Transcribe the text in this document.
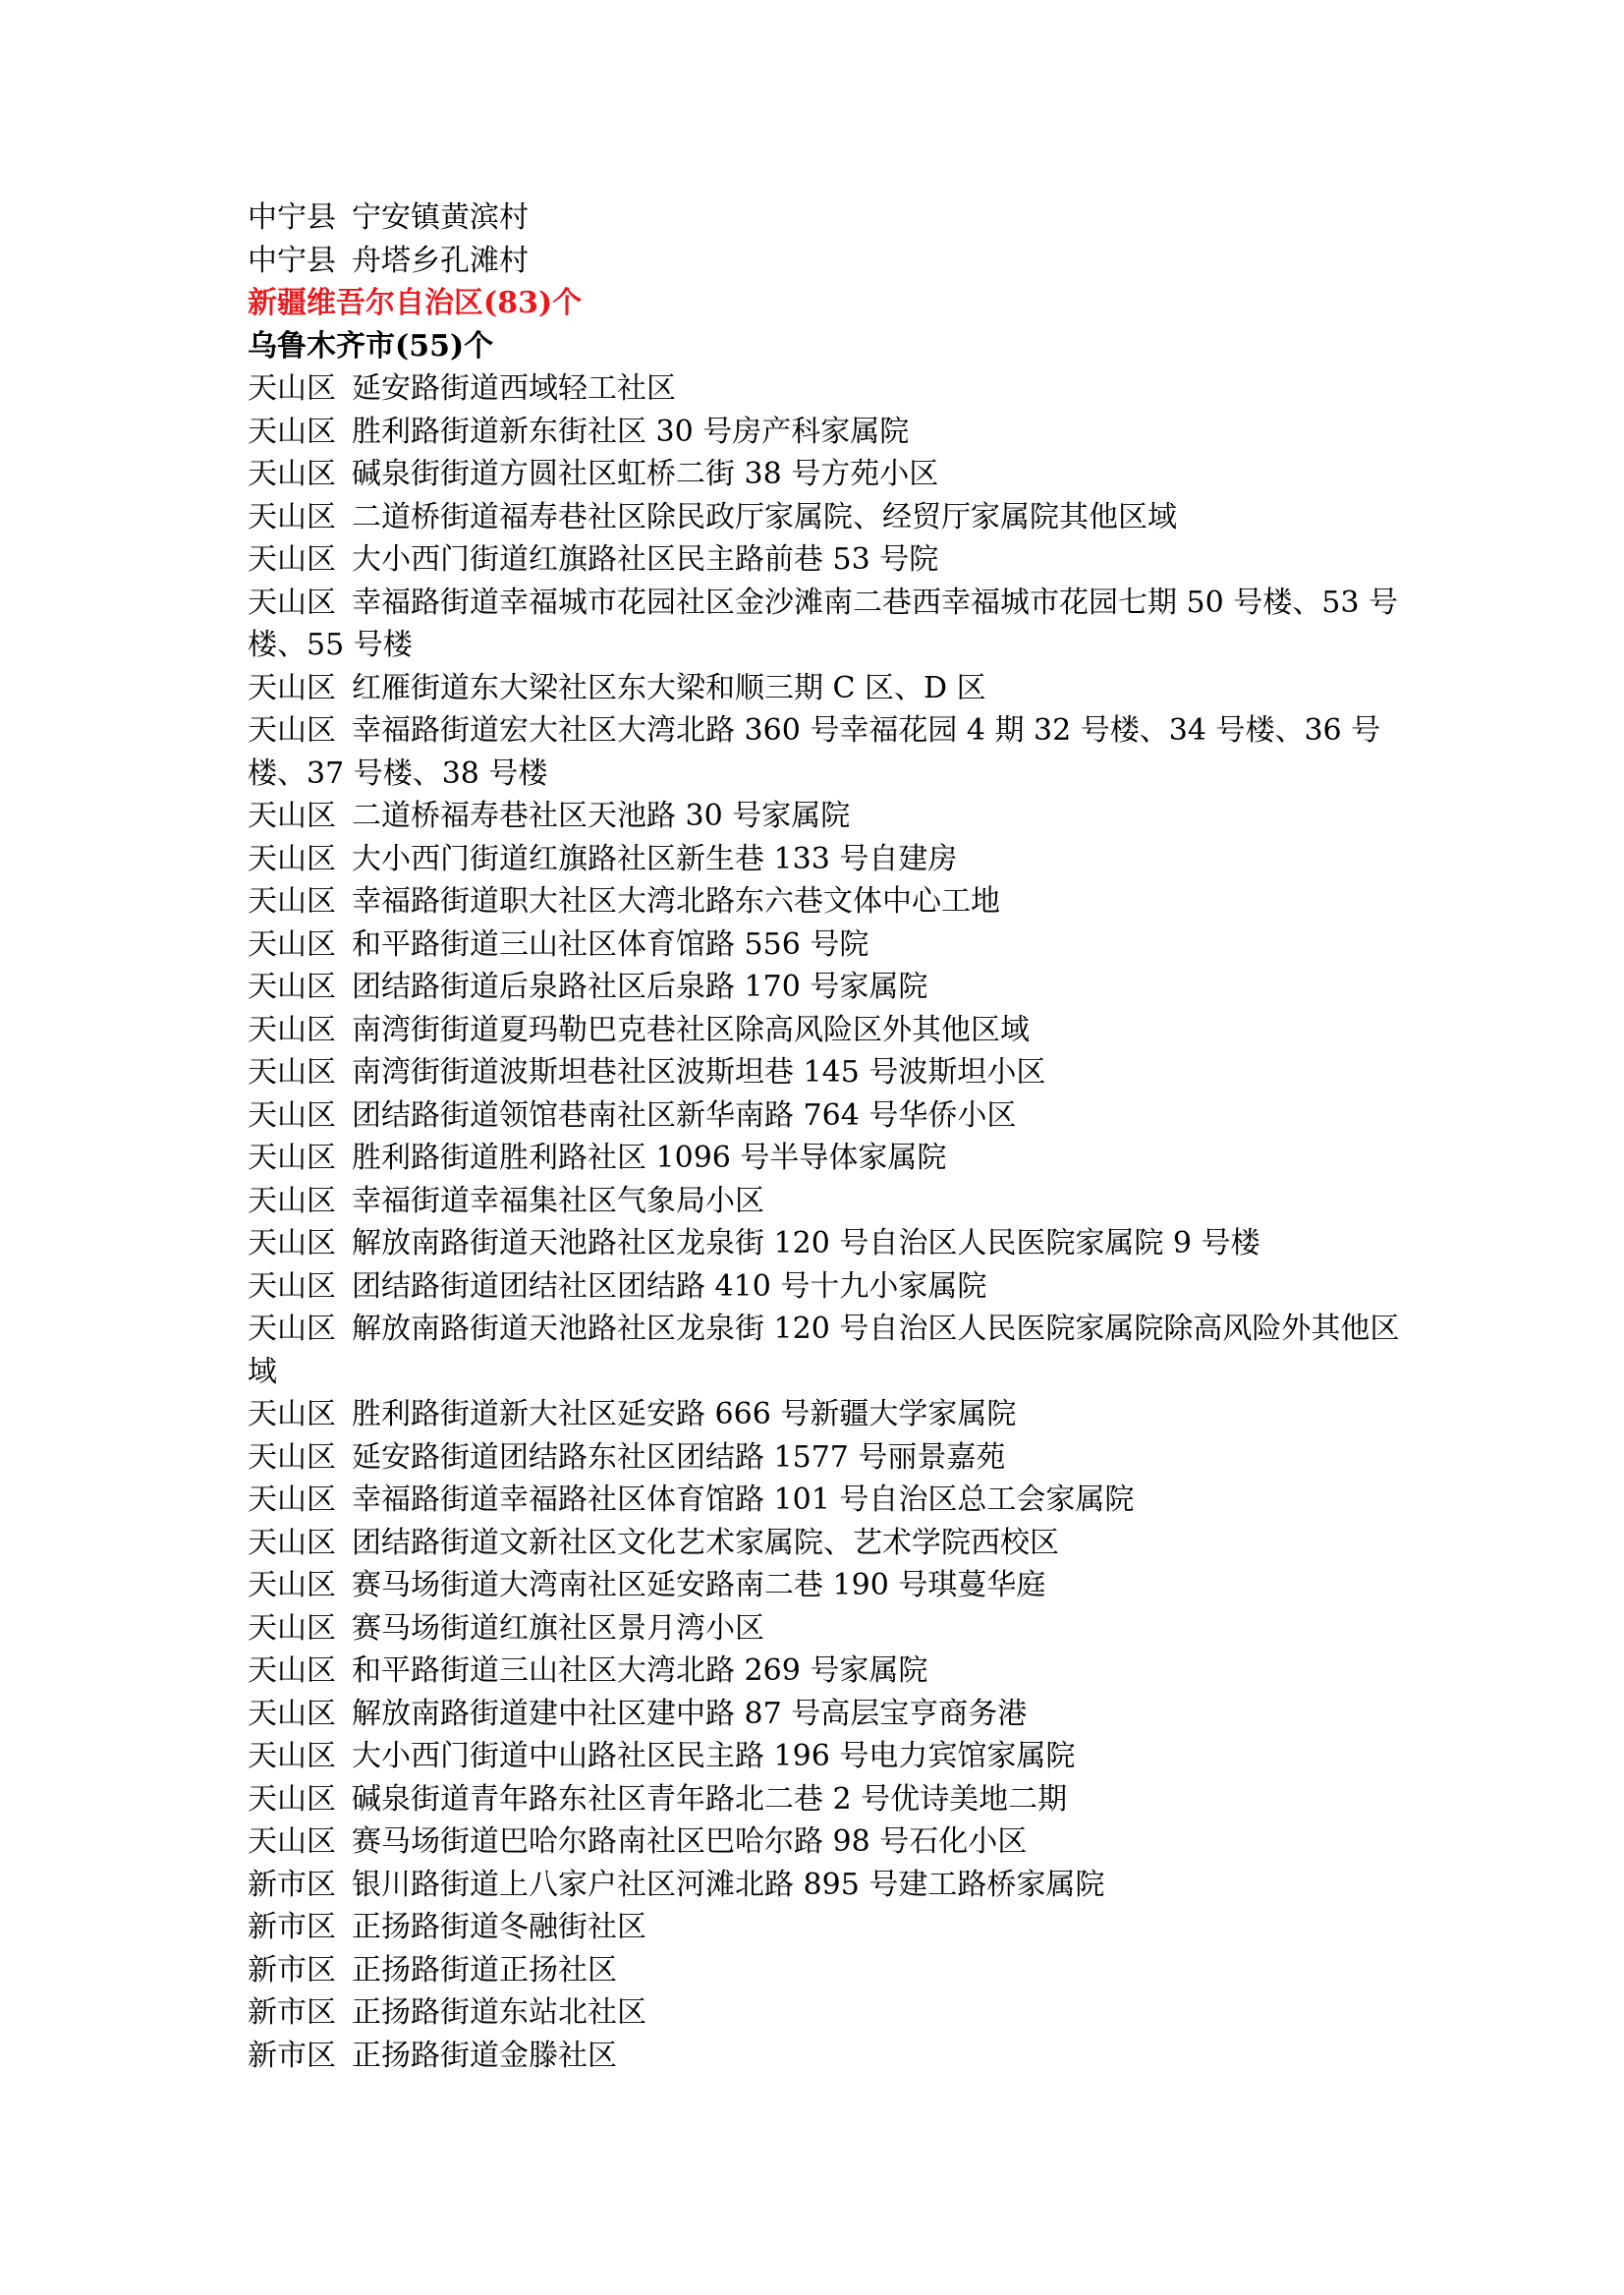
中宁县 宁安镇黄滨村
中宁县 舟塔乡孔滩村
新疆维吾尔自治区(83)个
乌鲁木齐市(55)个
天山区 延安路街道西域轻工社区
天山区 胜利路街道新东街社区 30 号房产科家属院
天山区 碱泉街街道方圆社区虹桥二街 38 号方苑小区
天山区 二道桥街道福寿巷社区除民政厅家属院、经贸厅家属院其他区域
天山区 大小西门街道红旗路社区民主路前巷 53 号院
天山区 幸福路街道幸福城市花园社区金沙滩南二巷西幸福城市花园七期 50 号楼、53 号楼、55 号楼
天山区 红雁街道东大梁社区东大梁和顺三期 C 区、D 区
天山区 幸福路街道宏大社区大湾北路 360 号幸福花园 4 期 32 号楼、34 号楼、36 号楼、37 号楼、38 号楼
天山区 二道桥福寿巷社区天池路 30 号家属院
天山区 大小西门街道红旗路社区新生巷 133 号自建房
天山区 幸福路街道职大社区大湾北路东六巷文体中心工地
天山区 和平路街道三山社区体育馆路 556 号院
天山区 团结路街道后泉路社区后泉路 170 号家属院
天山区 南湾街街道夏玛勒巴克巷社区除高风险区外其他区域
天山区 南湾街街道波斯坦巷社区波斯坦巷 145 号波斯坦小区
天山区 团结路街道领馆巷南社区新华南路 764 号华侨小区
天山区 胜利路街道胜利路社区 1096 号半导体家属院
天山区 幸福街道幸福集社区气象局小区
天山区 解放南路街道天池路社区龙泉街 120 号自治区人民医院家属院 9 号楼
天山区 团结路街道团结社区团结路 410 号十九小家属院
天山区 解放南路街道天池路社区龙泉街 120 号自治区人民医院家属院除高风险外其他区域
天山区 胜利路街道新大社区延安路 666 号新疆大学家属院
天山区 延安路街道团结路东社区团结路 1577 号丽景嘉苑
天山区 幸福路街道幸福路社区体育馆路 101 号自治区总工会家属院
天山区 团结路街道文新社区文化艺术家属院、艺术学院西校区
天山区 赛马场街道大湾南社区延安路南二巷 190 号琪蔓华庭
天山区 赛马场街道红旗社区景月湾小区
天山区 和平路街道三山社区大湾北路 269 号家属院
天山区 解放南路街道建中社区建中路 87 号高层宝亨商务港
天山区 大小西门街道中山路社区民主路 196 号电力宾馆家属院
天山区 碱泉街道青年路东社区青年路北二巷 2 号优诗美地二期
天山区 赛马场街道巴哈尔路南社区巴哈尔路 98 号石化小区
新市区 银川路街道上八家户社区河滩北路 895 号建工路桥家属院
新市区 正扬路街道冬融街社区
新市区 正扬路街道正扬社区
新市区 正扬路街道东站北社区
新市区 正扬路街道金滕社区
